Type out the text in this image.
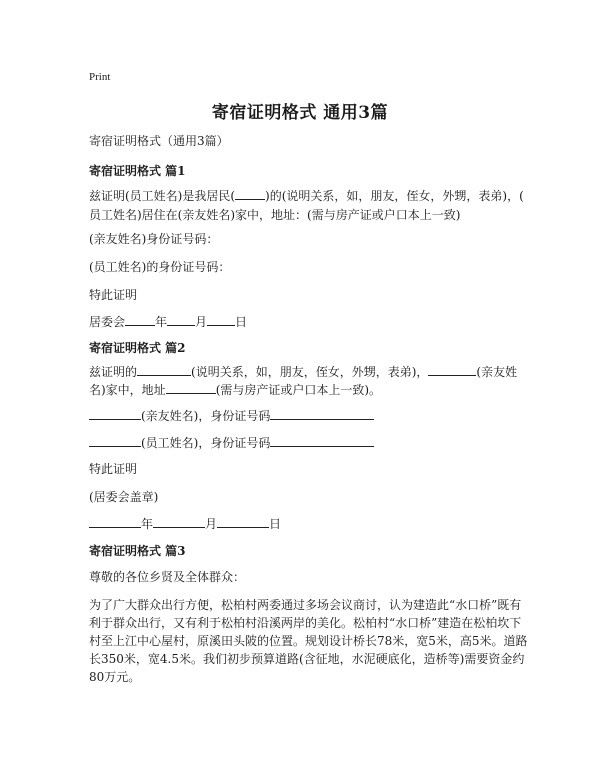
Print
寄宿证明格式 通用3篇
寄宿证明格式（通用3篇）
寄宿证明格式 篇1
兹证明(员工姓名)是我居民(	)的(说明关系，如，朋友，侄女，外甥，表弟)，(
员工姓名)居住在(亲友姓名)家中，地址：(需与房产证或户口本上一致)
(亲友姓名)身份证号码：
(员工姓名)的身份证号码：
特此证明
居委会	年 月 日
寄宿证明格式 篇2
兹证明的	(说明关系，如，朋友，侄女，外甥，表弟)，	(亲友姓
名)家中，地址	(需与房产证或户口本上一致)。
(亲友姓名)，身份证号码
(员工姓名)，身份证号码
特此证明
(居委会盖章)
年	月	日
寄宿证明格式 篇3
尊敬的各位乡贤及全体群众：
为了广大群众出行方便，松柏村两委通过多场会议商讨，认为建造此“水口桥”既有
利于群众出行，又有利于松柏村沿溪两岸的美化。松柏村“水口桥”建造在松柏坎下
村至上江中心屋村，原溪田头陂的位置。规划设计桥长78米，宽5米，高5米。道路
长350米，宽4.5米。我们初步预算道路(含征地，水泥硬底化，造桥等)需要资金约
80万元。
